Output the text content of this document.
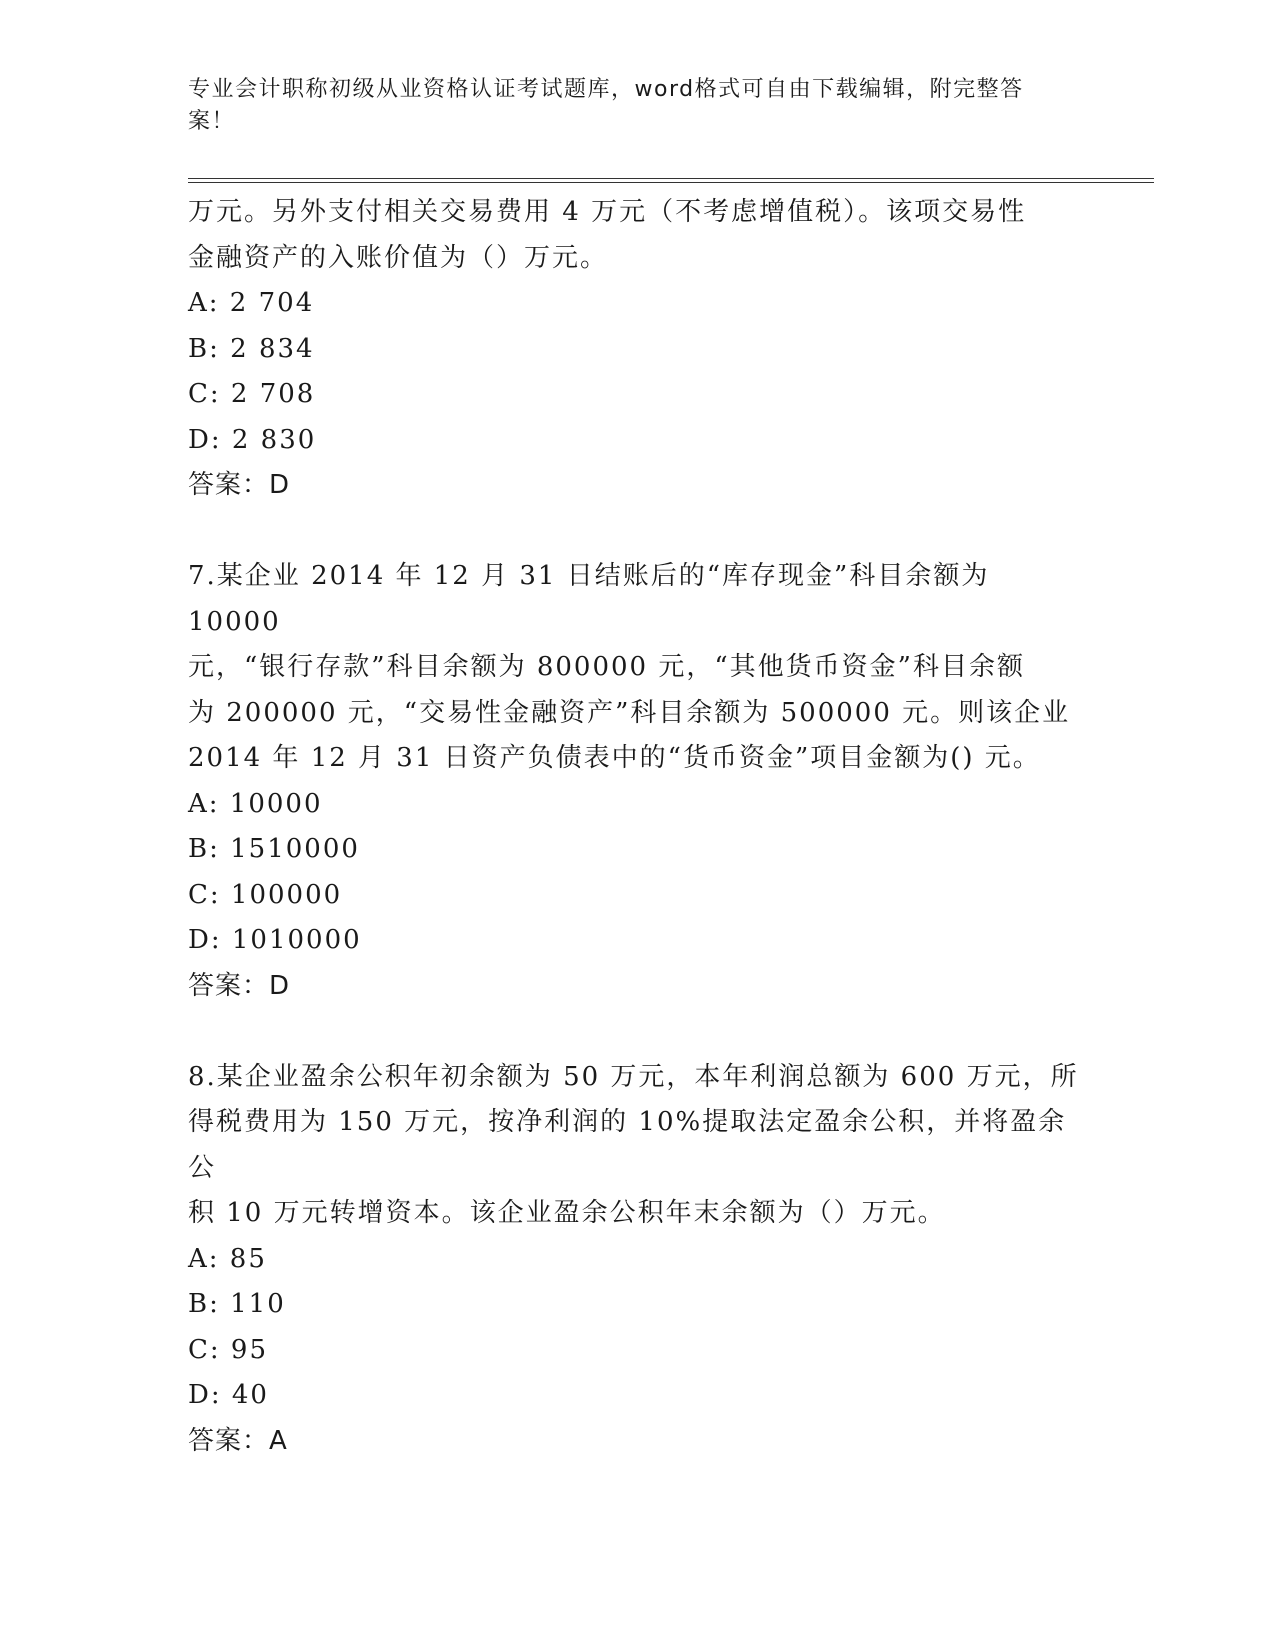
专业会计职称初级从业资格认证考试题库，word格式可自由下载编辑，附完整答案！

万元。另外支付相关交易费用 4 万元（不考虑增值税）。该项交易性

金融资产的入账价值为（）万元。

A: 2 704

B: 2 834

C: 2 708

D: 2 830

答案：D

7.某企业 2014 年 12 月 31 日结账后的“库存现金”科目余额为 10000

元，“银行存款”科目余额为 800000 元，“其他货币资金”科目余额

为 200000 元，“交易性金融资产”科目余额为 500000 元。则该企业

2014 年 12 月 31 日资产负债表中的“货币资金”项目金额为() 元。

A: 10000

B: 1510000

C: 100000

D: 1010000

答案：D

8.某企业盈余公积年初余额为 50 万元，本年利润总额为 600 万元，所

得税费用为 150 万元，按净利润的 10%提取法定盈余公积，并将盈余公

积 10 万元转增资本。该企业盈余公积年末余额为（）万元。

A: 85

B: 110

C: 95

D: 40

答案：A
